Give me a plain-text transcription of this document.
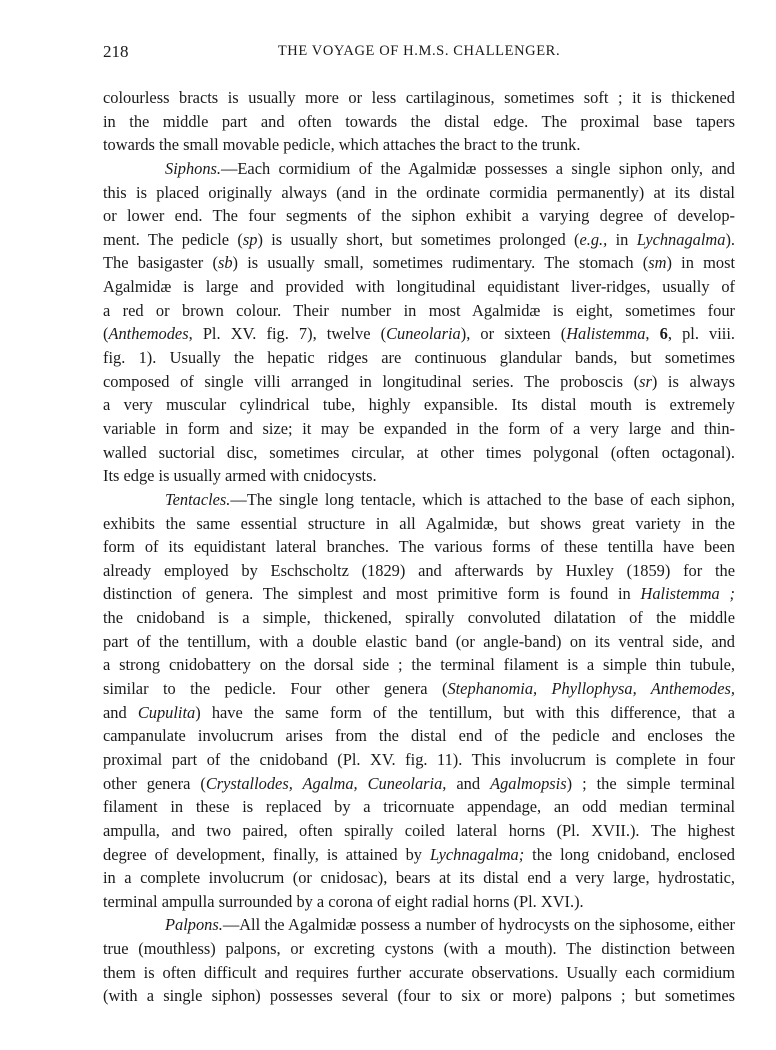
218	THE VOYAGE OF H.M.S. CHALLENGER.
colourless bracts is usually more or less cartilaginous, sometimes soft ; it is thickened
in the middle part and often towards the distal edge. The proximal base tapers
towards the small movable pedicle, which attaches the bract to the trunk.
Siphons.—Each cormidium of the Agalmidæ possesses a single siphon only, and
this is placed originally always (and in the ordinate cormidia permanently) at its distal
or lower end. The four segments of the siphon exhibit a varying degree of develop-
ment. The pedicle (sp) is usually short, but sometimes prolonged (e.g., in Lychnagalma).
The basigaster (sb) is usually small, sometimes rudimentary. The stomach (sm) in most
Agalmidæ is large and provided with longitudinal equidistant liver-ridges, usually of
a red or brown colour. Their number in most Agalmidæ is eight, sometimes four
(Anthemodes, Pl. XV. fig. 7), twelve (Cuneolaria), or sixteen (Halistemma, 6, pl. viii.
fig. 1). Usually the hepatic ridges are continuous glandular bands, but sometimes
composed of single villi arranged in longitudinal series. The proboscis (sr) is always
a very muscular cylindrical tube, highly expansible. Its distal mouth is extremely
variable in form and size; it may be expanded in the form of a very large and thin-
walled suctorial disc, sometimes circular, at other times polygonal (often octagonal).
Its edge is usually armed with cnidocysts.
Tentacles.—The single long tentacle, which is attached to the base of each siphon,
exhibits the same essential structure in all Agalmidæ, but shows great variety in the
form of its equidistant lateral branches. The various forms of these tentilla have been
already employed by Eschscholtz (1829) and afterwards by Huxley (1859) for the
distinction of genera. The simplest and most primitive form is found in Halistemma ;
the cnidoband is a simple, thickened, spirally convoluted dilatation of the middle
part of the tentillum, with a double elastic band (or angle-band) on its ventral side, and
a strong cnidobattery on the dorsal side ; the terminal filament is a simple thin tubule,
similar to the pedicle. Four other genera (Stephanomia, Phyllophysa, Anthemodes,
and Cupulita) have the same form of the tentillum, but with this difference, that a
campanulate involucrum arises from the distal end of the pedicle and encloses the
proximal part of the cnidoband (Pl. XV. fig. 11). This involucrum is complete in four
other genera (Crystallodes, Agalma, Cuneolaria, and Agalmopsis) ; the simple terminal
filament in these is replaced by a tricornuate appendage, an odd median terminal
ampulla, and two paired, often spirally coiled lateral horns (Pl. XVII.). The highest
degree of development, finally, is attained by Lychnagalma; the long cnidoband, enclosed
in a complete involucrum (or cnidosac), bears at its distal end a very large, hydrostatic,
terminal ampulla surrounded by a corona of eight radial horns (Pl. XVI.).
Palpons.—All the Agalmidæ possess a number of hydrocysts on the siphosome, either
true (mouthless) palpons, or excreting cystons (with a mouth). The distinction between
them is often difficult and requires further accurate observations. Usually each cormidium
(with a single siphon) possesses several (four to six or more) palpons ; but sometimes
